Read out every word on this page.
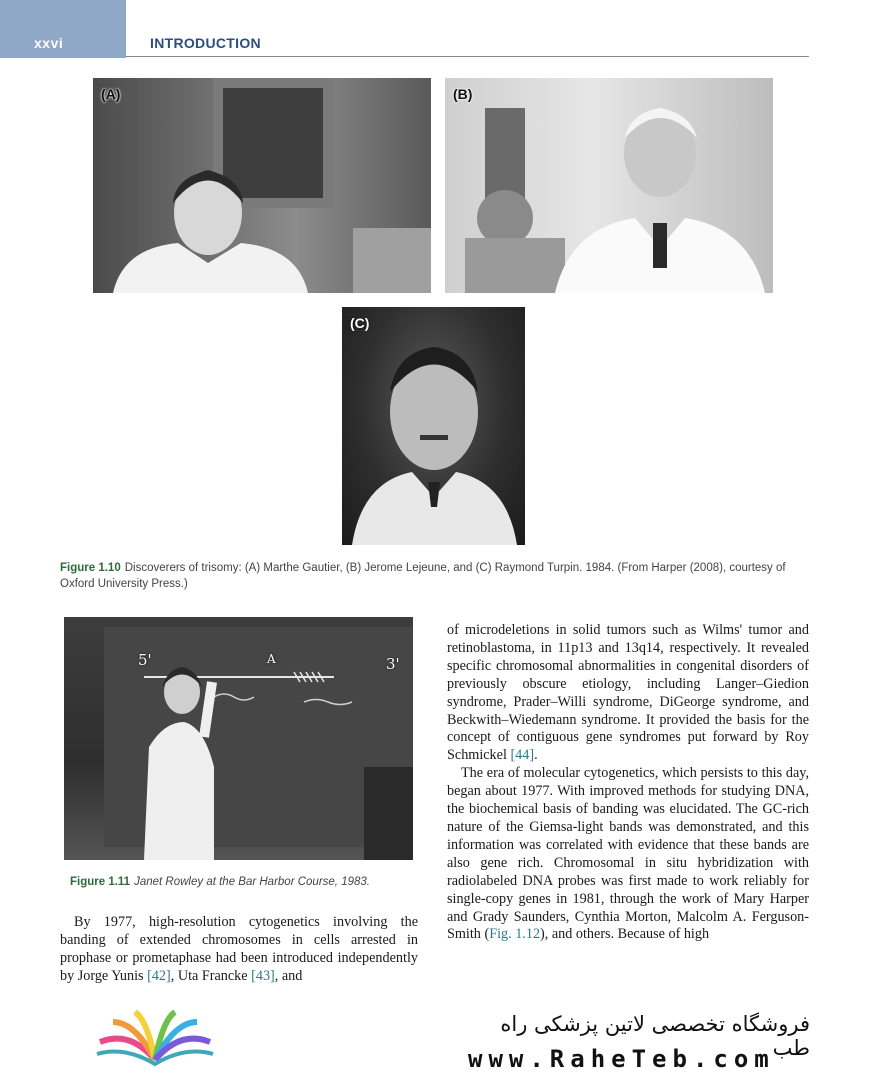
xxvi	INTRODUCTION
(A)	(B)
(C)
Figure 1.10 Discoverers of trisomy: (A) Marthe Gautier, (B) Jerome Lejeune, and (C) Raymond Turpin. 1984. (From Harper (2008), courtesy of Oxford University Press.)
5'	A	3'
Figure 1.11 Janet Rowley at the Bar Harbor Course, 1983.

of microdeletions in solid tumors such as Wilms' tumor and retinoblastoma, in 11p13 and 13q14, respectively. It revealed specific chromosomal abnormalities in congenital disorders of previously obscure etiology, including Langer–Giedion syndrome, Prader–Willi syndrome, DiGeorge syndrome, and Beckwith–Wiedemann syndrome. It provided the basis for the concept of contiguous gene syndromes put forward by Roy Schmickel [44].

The era of molecular cytogenetics, which persists to this day, began about 1977. With improved methods for studying DNA, the biochemical basis of banding was elucidated. The GC-rich nature of the Giemsa-light bands was demonstrated, and this information was correlated with evidence that these bands are also gene rich. Chromosomal in situ hybridization with radiolabeled DNA probes was first made to work reliably for single-copy genes in 1981, through the work of Mary Harper and Grady Saunders, Cynthia Morton, Malcolm A. Ferguson-Smith (Fig. 1.12), and others. Because of high

By 1977, high-resolution cytogenetics involving the banding of extended chromosomes in cells arrested in prophase or prometaphase had been introduced independently by Jorge Yunis [42], Uta Francke [43], and
فروشگاه تخصصی لاتین پزشکی راه طب
www.RaheTeb.com
